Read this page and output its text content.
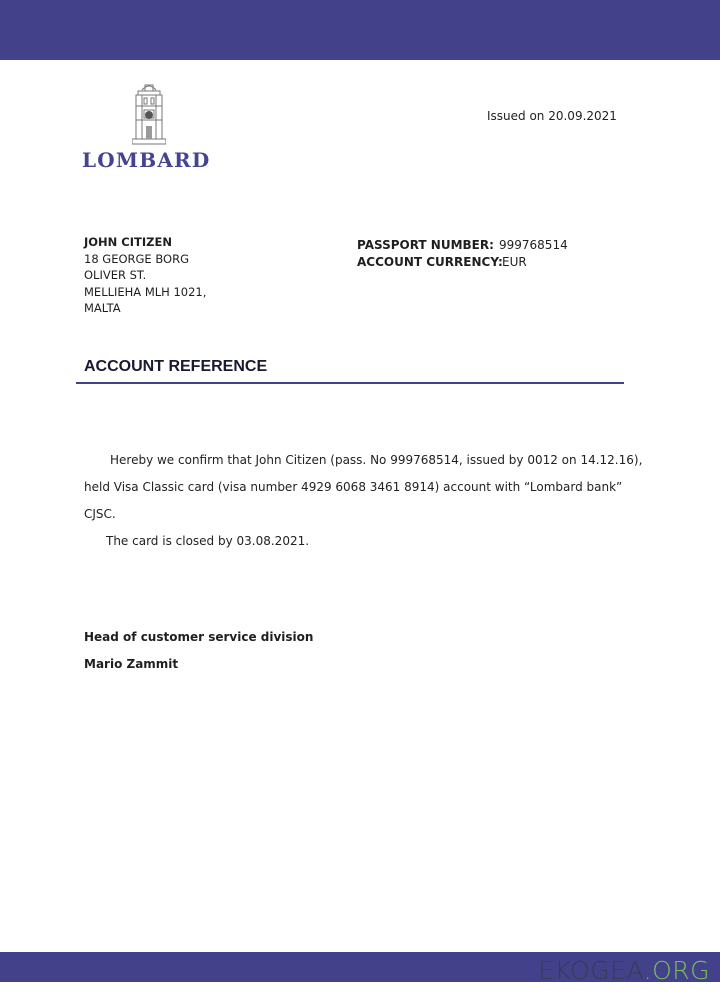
LOMBARD
Issued on 20.09.2021
JOHN CITIZEN
18 GEORGE BORG
OLIVER ST.
MELLIEHA MLH 1021,
MALTA
PASSPORT NUMBER: 999768514
ACCOUNT CURRENCY:EUR
ACCOUNT REFERENCE
Hereby we confirm that John Citizen (pass. No 999768514, issued by 0012 on 14.12.16),
held Visa Classic card (visa number 4929 6068 3461 8914) account with “Lombard bank”
CJSC.
The card is closed by 03.08.2021.
Head of customer service division
Mario Zammit
EKOGEA.ORG
